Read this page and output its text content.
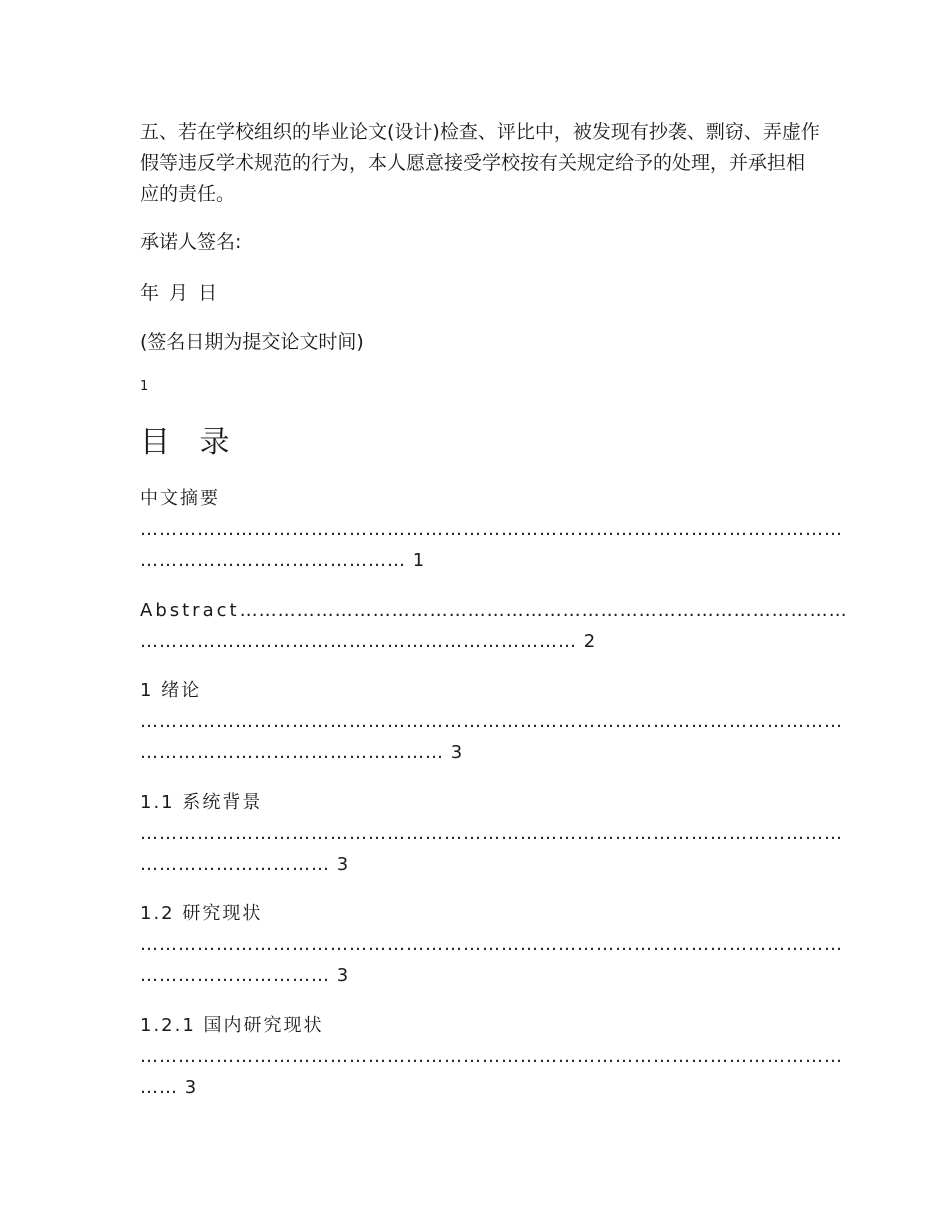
五、若在学校组织的毕业论文(设计)检查、评比中，被发现有抄袭、剽窃、弄虚作假等违反学术规范的行为，本人愿意接受学校按有关规定给予的处理，并承担相应的责任。

承诺人签名:

年 月 日

(签名日期为提交论文时间)

1
目 录
中文摘要
…………………………………………………………………………………………………
…………………………………… 1
Abstract……………………………………………………………………………………
…………………………………………………………… 2
1 绪论
…………………………………………………………………………………………………
………………………………………… 3
1.1 系统背景
…………………………………………………………………………………………………
………………………… 3
1.2 研究现状
…………………………………………………………………………………………………
………………………… 3
1.2.1 国内研究现状
…………………………………………………………………………………………………
…… 3
